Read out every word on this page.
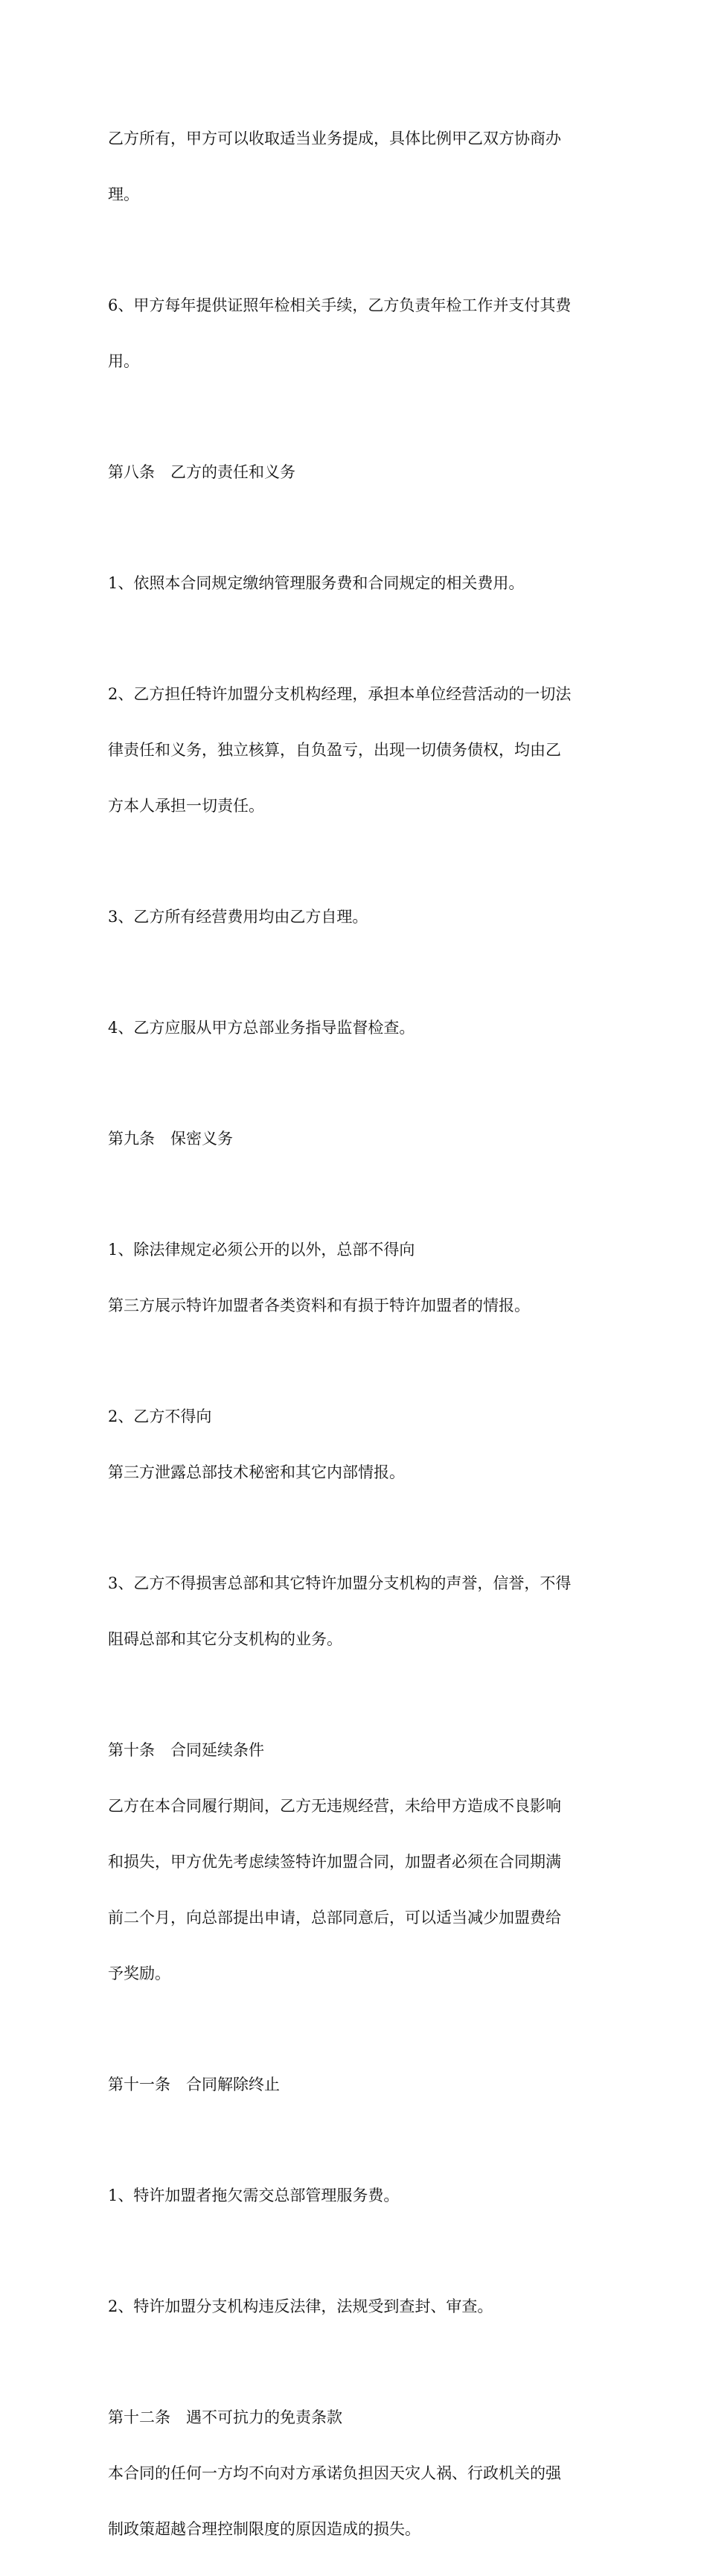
乙方所有，甲方可以收取适当业务提成，具体比例甲乙双方协商办

理。

6、甲方每年提供证照年检相关手续，乙方负责年检工作并支付其费

用。

第八条　乙方的责任和义务

1、依照本合同规定缴纳管理服务费和合同规定的相关费用。

2、乙方担任特许加盟分支机构经理，承担本单位经营活动的一切法

律责任和义务，独立核算，自负盈亏，出现一切债务债权，均由乙

方本人承担一切责任。

3、乙方所有经营费用均由乙方自理。

4、乙方应服从甲方总部业务指导监督检查。

第九条　保密义务

1、除法律规定必须公开的以外，总部不得向

第三方展示特许加盟者各类资料和有损于特许加盟者的情报。

2、乙方不得向

第三方泄露总部技术秘密和其它内部情报。

3、乙方不得损害总部和其它特许加盟分支机构的声誉，信誉，不得

阻碍总部和其它分支机构的业务。

第十条　合同延续条件

乙方在本合同履行期间，乙方无违规经营，未给甲方造成不良影响

和损失，甲方优先考虑续签特许加盟合同，加盟者必须在合同期满

前二个月，向总部提出申请，总部同意后，可以适当减少加盟费给

予奖励。

第十一条　合同解除终止

1、特许加盟者拖欠需交总部管理服务费。

2、特许加盟分支机构违反法律，法规受到查封、审查。

第十二条　遇不可抗力的免责条款

本合同的任何一方均不向对方承诺负担因天灾人祸、行政机关的强

制政策超越合理控制限度的原因造成的损失。
